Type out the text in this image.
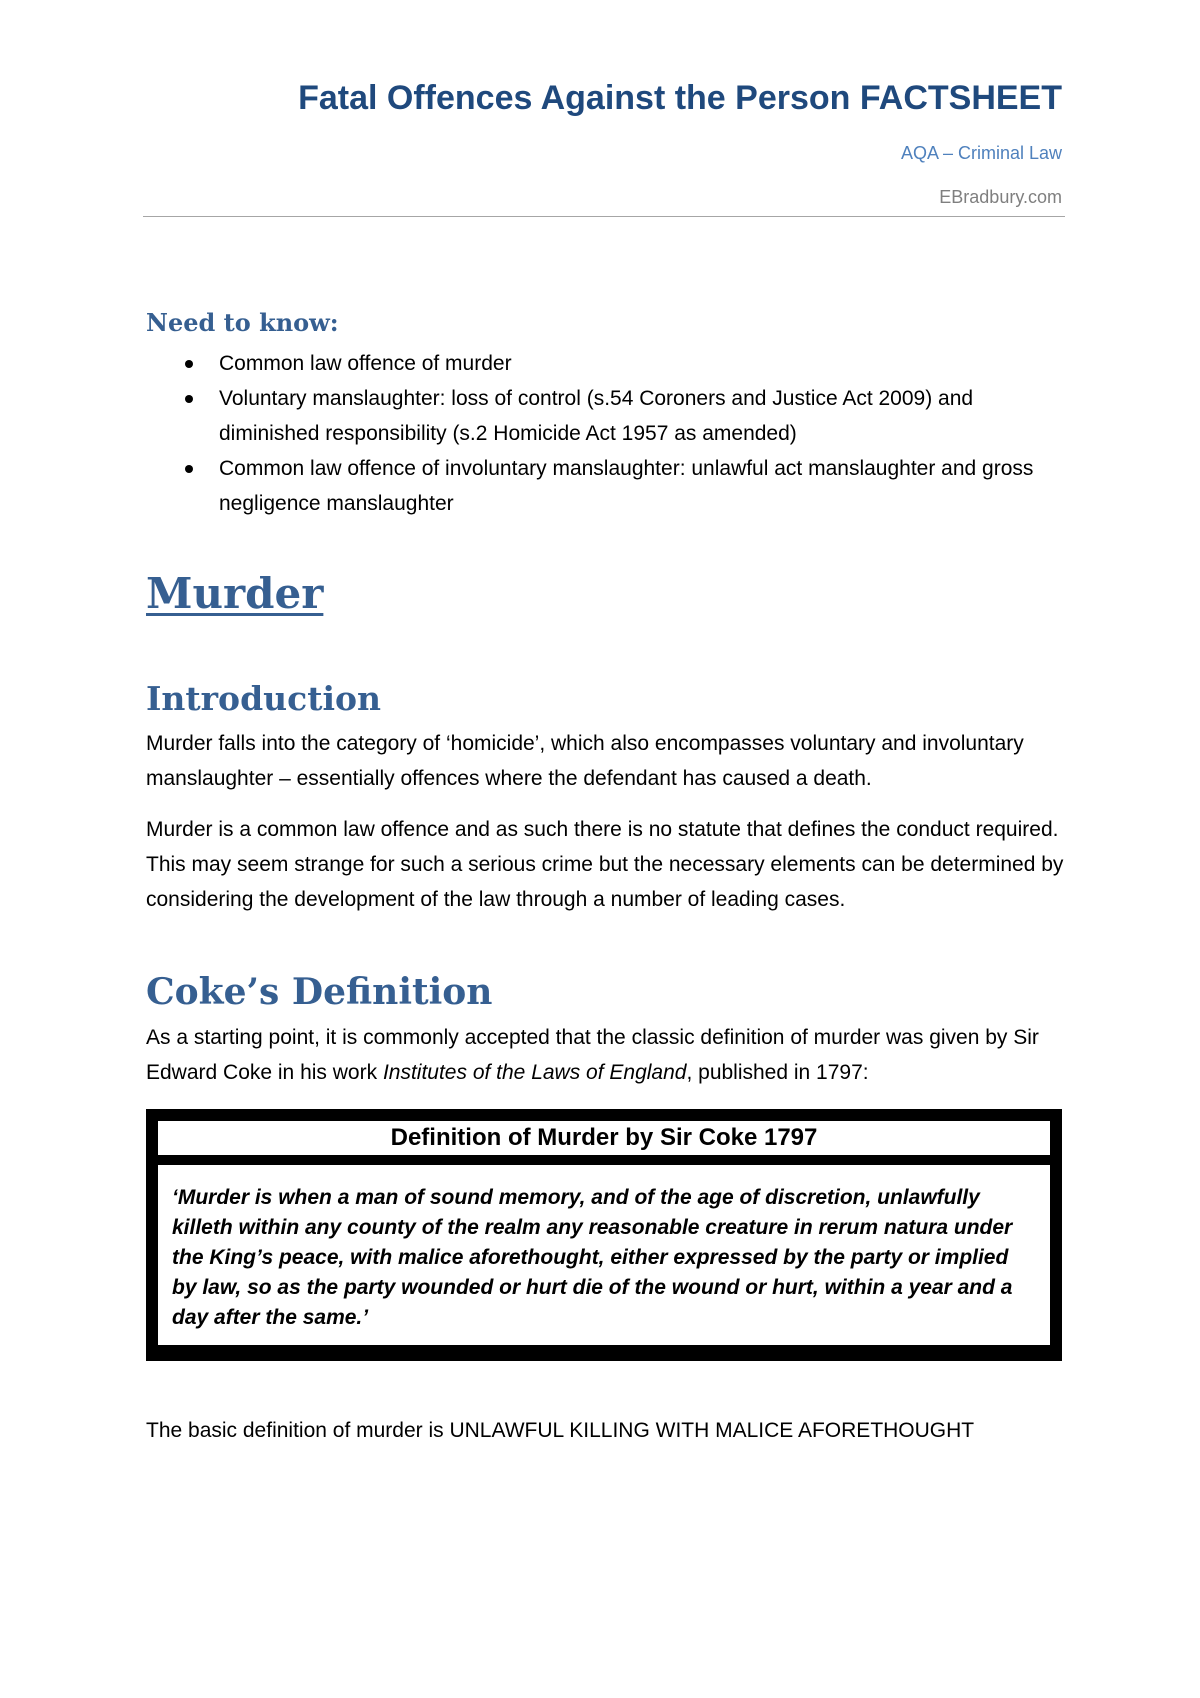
Fatal Offences Against the Person FACTSHEET
AQA – Criminal Law
EBradbury.com
Need to know:
Common law offence of murder
Voluntary manslaughter: loss of control (s.54 Coroners and Justice Act 2009) and diminished responsibility (s.2 Homicide Act 1957 as amended)
Common law offence of involuntary manslaughter: unlawful act manslaughter and gross negligence manslaughter
Murder
Introduction

Murder falls into the category of ‘homicide’, which also encompasses voluntary and involuntary manslaughter – essentially offences where the defendant has caused a death.

Murder is a common law offence and as such there is no statute that defines the conduct required. This may seem strange for such a serious crime but the necessary elements can be determined by considering the development of the law through a number of leading cases.

Coke’s Definition

As a starting point, it is commonly accepted that the classic definition of murder was given by Sir Edward Coke in his work Institutes of the Laws of England, published in 1797:

Definition of Murder by Sir Coke 1797
‘Murder is when a man of sound memory, and of the age of discretion, unlawfully killeth within any county of the realm any reasonable creature in rerum natura under the King’s peace, with malice aforethought, either expressed by the party or implied by law, so as the party wounded or hurt die of the wound or hurt, within a year and a day after the same.’

The basic definition of murder is UNLAWFUL KILLING WITH MALICE AFORETHOUGHT
